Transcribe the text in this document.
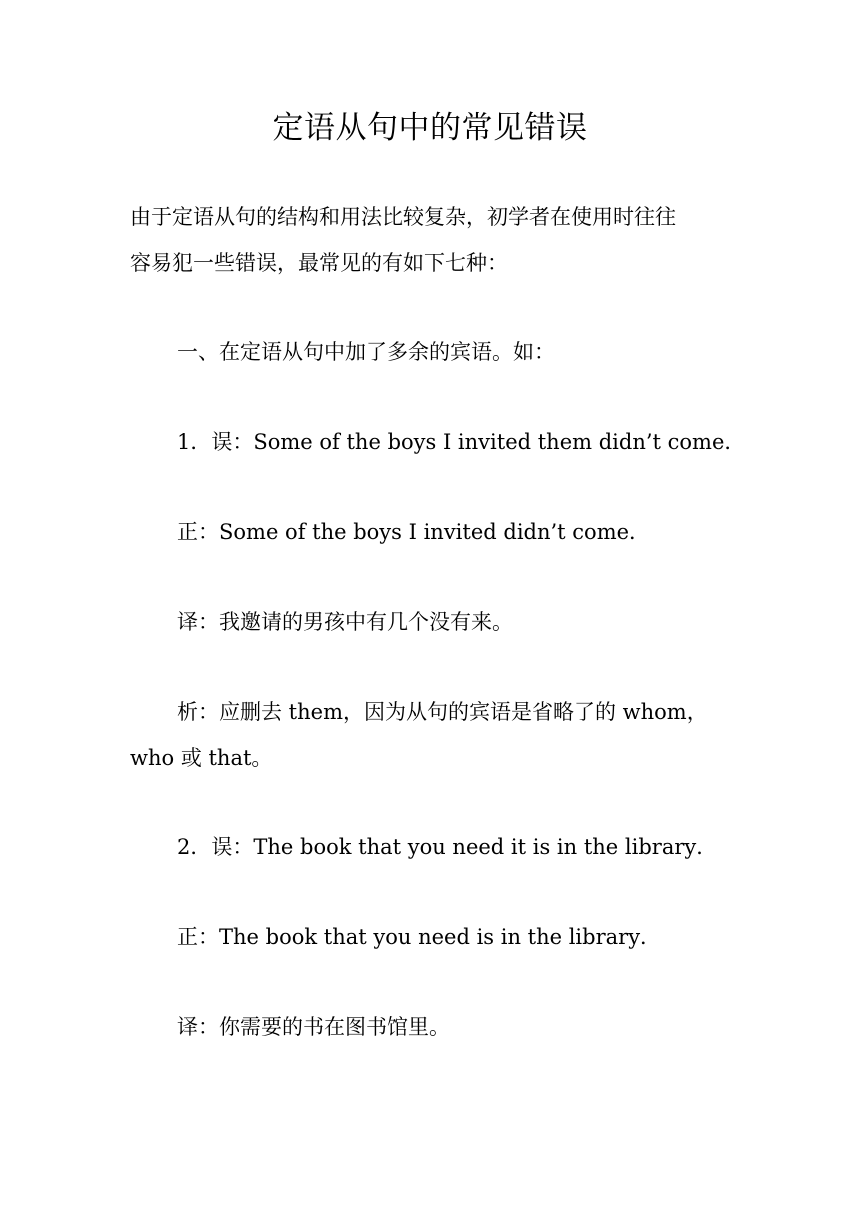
定语从句中的常见错误

由于定语从句的结构和用法比较复杂，初学者在使用时往往

容易犯一些错误，最常见的有如下七种：

一、在定语从句中加了多余的宾语。如：

1．误：Some of the boys I invited them didn’t come．

正：Some of the boys I invited didn’t come．

译：我邀请的男孩中有几个没有来。

析：应删去 them，因为从句的宾语是省略了的 whom，

who 或 that。

2．误：The book that you need it is in the library．

正：The book that you need is in the library．

译：你需要的书在图书馆里。
